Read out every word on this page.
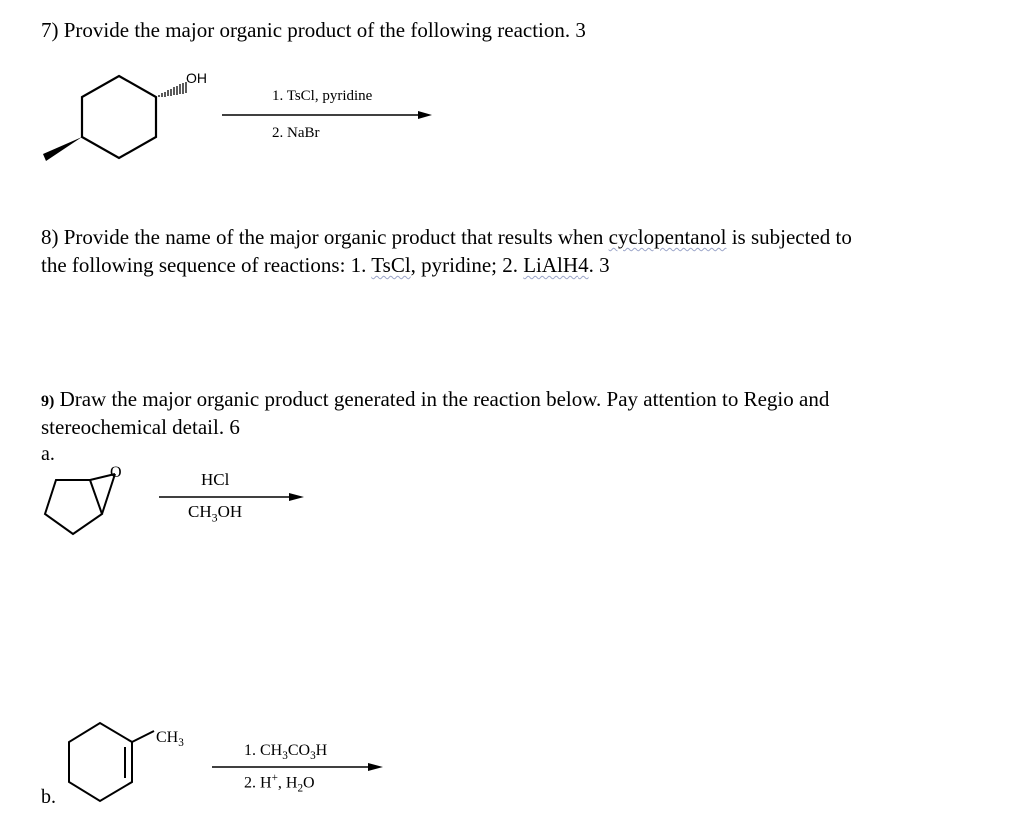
7) Provide the major organic product of the following reaction. 3

OH
1. TsCl, pyridine
2. NaBr

8) Provide the name of the major organic product that results when cyclopentanol is subjected to

the following sequence of reactions: 1. TsCl, pyridine; 2. LiAlH4. 3

9) Draw the major organic product generated in the reaction below. Pay attention to Regio and

stereochemical detail. 6

a.
O	HCl
$CH_3OH$
b.
$CH_3$	1. $CH_3CO_3H$
2. H+, $H_2O$
